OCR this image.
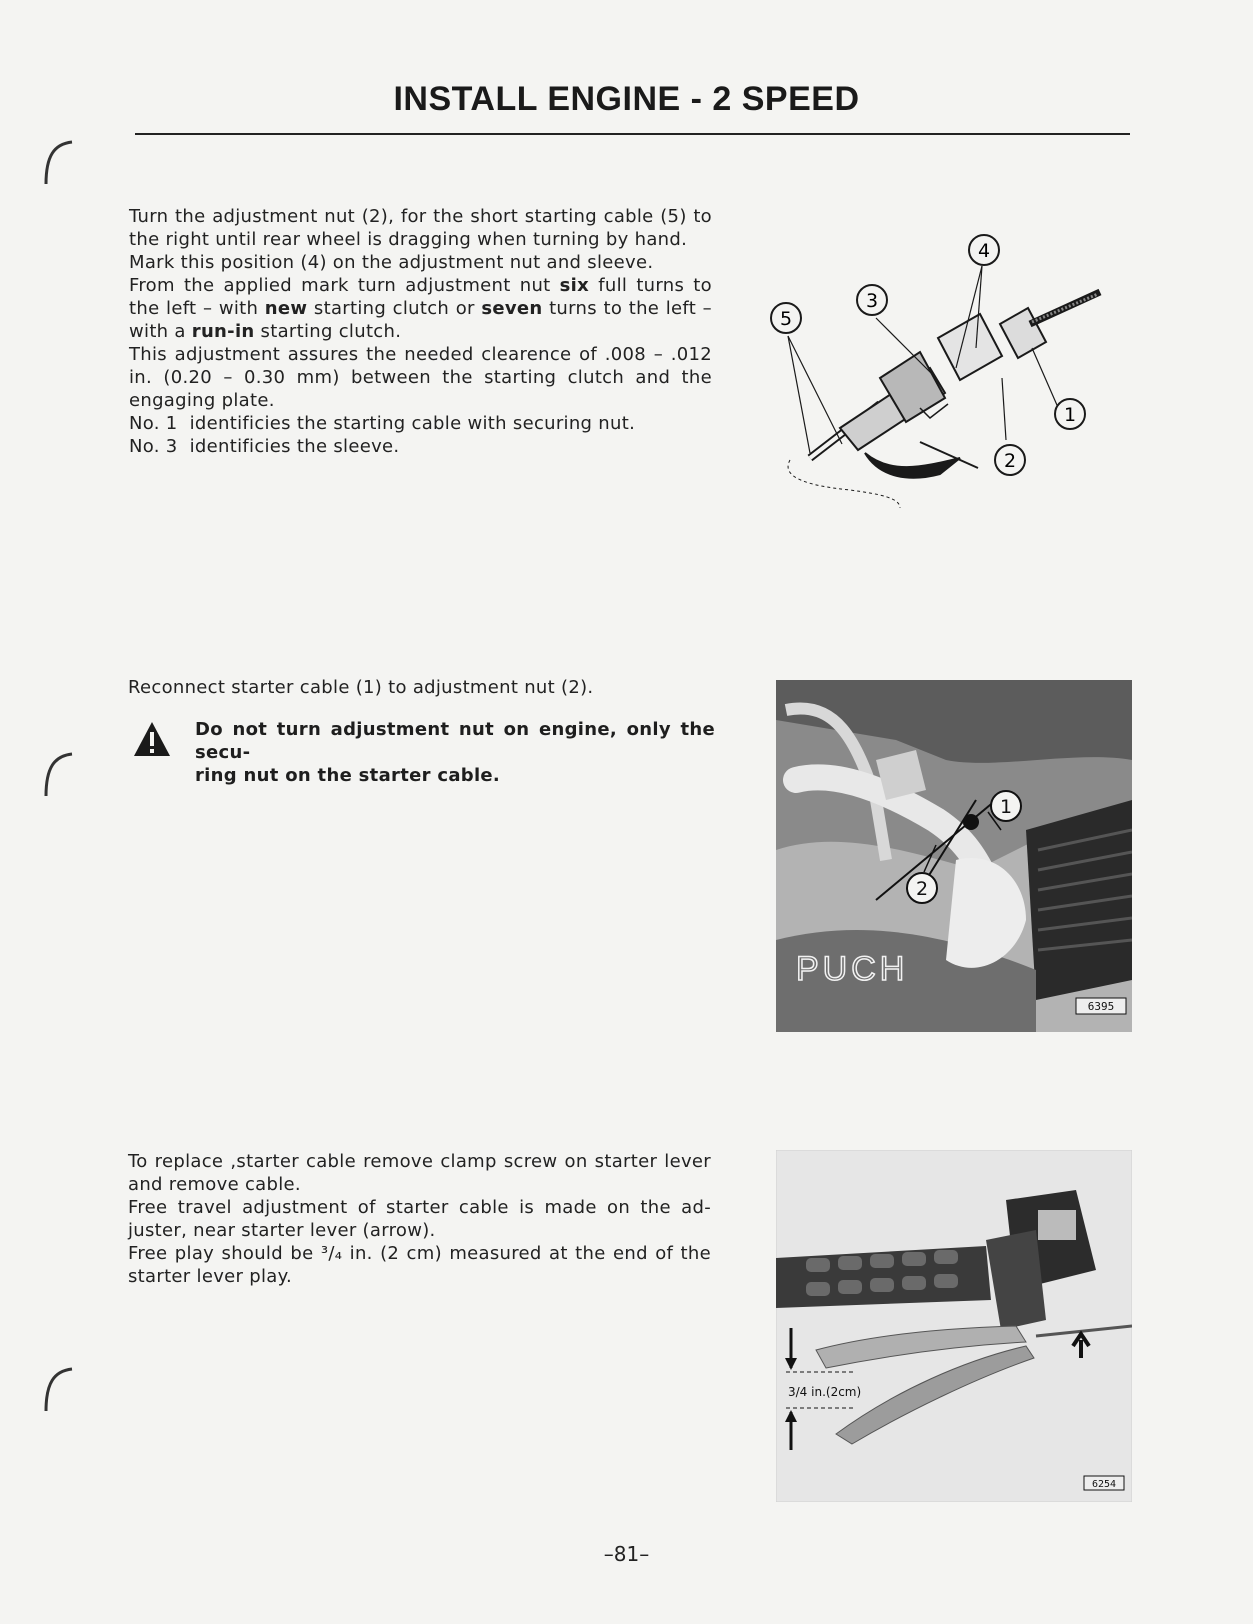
INSTALL ENGINE - 2 SPEED

Turn the adjustment nut (2), for the short starting cable (5) to the right until rear wheel is dragging when turning by hand.

Mark this position (4) on the adjustment nut and sleeve.

From the applied mark turn adjustment nut six full turns to the left – with new starting clutch or seven turns to the left – with a run-in starting clutch.

This adjustment assures the needed clearence of .008 – .012 in. (0.20 – 0.30 mm) between the starting clutch and the engaging plate.

No. 1 identificies the starting cable with securing nut.

No. 3 identificies the sleeve.

4
3
5
1
2
Reconnect starter cable (1) to adjustment nut (2).
Do not turn adjustment nut on engine, only the secu-
ring nut on the starter cable.
PUCH
1
2
6395

To replace ,starter cable remove clamp screw on starter lever and remove cable.

Free travel adjustment of starter cable is made on the ad-juster, near starter lever (arrow).

Free play should be ³/₄ in. (2 cm) measured at the end of the starter lever play.

3/4 in.(2cm)
6254
–81–
